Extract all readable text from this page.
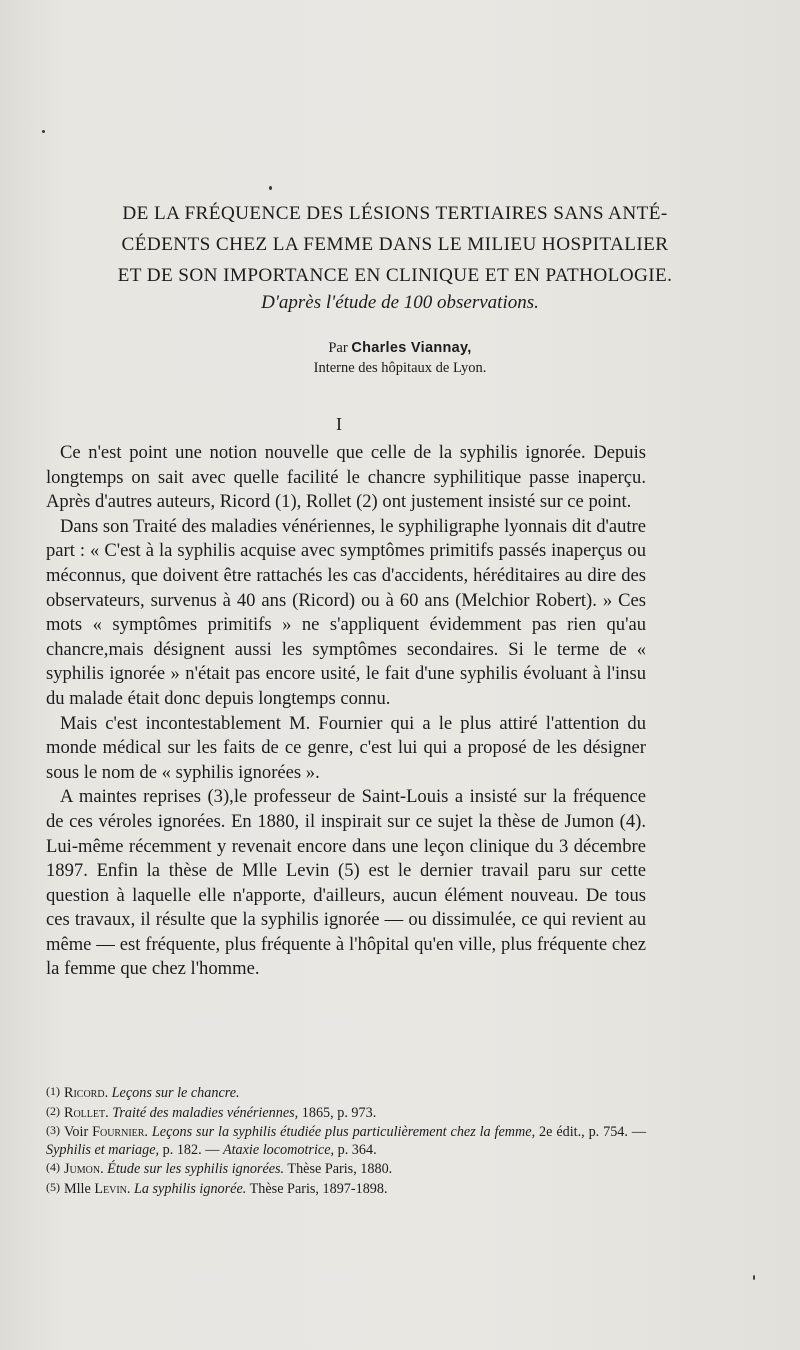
DE LA FRÉQUENCE DES LÉSIONS TERTIAIRES SANS ANTÉ-
CÉDENTS CHEZ LA FEMME DANS LE MILIEU HOSPITALIER
ET DE SON IMPORTANCE EN CLINIQUE ET EN PATHOLOGIE.

D'après l'étude de 100 observations.

Par Charles Viannay,

Interne des hôpitaux de Lyon.

I

Ce n'est point une notion nouvelle que celle de la syphilis ignorée. Depuis longtemps on sait avec quelle facilité le chancre syphilitique passe inaperçu. Après d'autres auteurs, Ricord (1), Rollet (2) ont justement insisté sur ce point.

Dans son Traité des maladies vénériennes, le syphiligraphe lyonnais dit d'autre part : « C'est à la syphilis acquise avec symptômes primitifs passés inaperçus ou méconnus, que doivent être rattachés les cas d'accidents, héréditaires au dire des observateurs, survenus à 40 ans (Ricord) ou à 60 ans (Melchior Robert). » Ces mots « symptômes primitifs » ne s'appliquent évidemment pas rien qu'au chancre,mais désignent aussi les symptômes secondaires. Si le terme de « syphilis ignorée » n'était pas encore usité, le fait d'une syphilis évoluant à l'insu du malade était donc depuis longtemps connu.

Mais c'est incontestablement M. Fournier qui a le plus attiré l'attention du monde médical sur les faits de ce genre, c'est lui qui a proposé de les désigner sous le nom de « syphilis ignorées ».

A maintes reprises (3),le professeur de Saint-Louis a insisté sur la fréquence de ces véroles ignorées. En 1880, il inspirait sur ce sujet la thèse de Jumon (4). Lui-même récemment y revenait encore dans une leçon clinique du 3 décembre 1897. Enfin la thèse de Mlle Levin (5) est le dernier travail paru sur cette question à laquelle elle n'apporte, d'ailleurs, aucun élément nouveau. De tous ces travaux, il résulte que la syphilis ignorée — ou dissimulée, ce qui revient au même — est fréquente, plus fréquente à l'hôpital qu'en ville, plus fréquente chez la femme que chez l'homme.

(1) Ricord. Leçons sur le chancre.

(2) Rollet. Traité des maladies vénériennes, 1865, p. 973.

(3) Voir Fournier. Leçons sur la syphilis étudiée plus particulièrement chez la femme, 2e édit., p. 754. — Syphilis et mariage, p. 182. — Ataxie locomotrice, p. 364.

(4) Jumon. Étude sur les syphilis ignorées. Thèse Paris, 1880.

(5) Mlle Levin. La syphilis ignorée. Thèse Paris, 1897-1898.
